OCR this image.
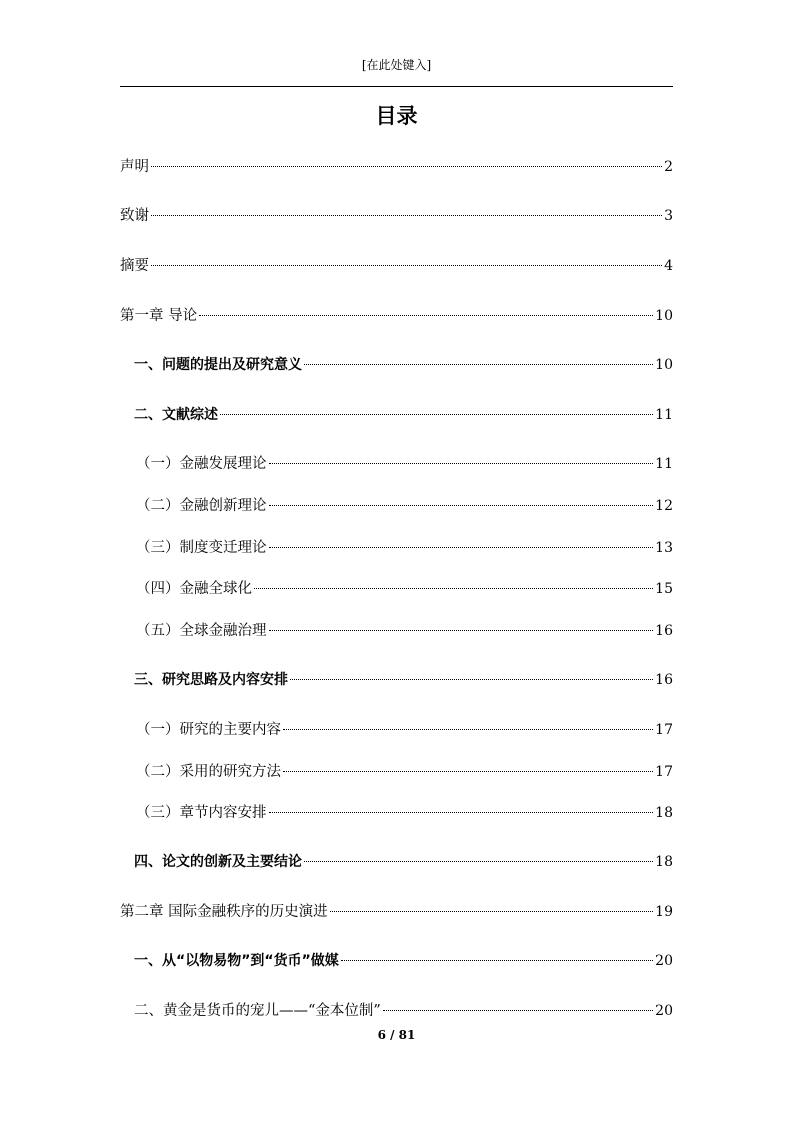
[在此处键入]
目录
声明	2
致谢	3
摘要	4
第一章 导论	10
一、问题的提出及研究意义	10
二、文献综述	11
（一）金融发展理论	11
（二）金融创新理论	12
（三）制度变迁理论	13
（四）金融全球化	15
（五）全球金融治理	16
三、研究思路及内容安排	16
（一）研究的主要内容	17
（二）采用的研究方法	17
（三）章节内容安排	18
四、论文的创新及主要结论	18
第二章 国际金融秩序的历史演进	19
一、从“以物易物”到“货币”做媒	20
二、黄金是货币的宠儿——“金本位制”	20
6 / 81
